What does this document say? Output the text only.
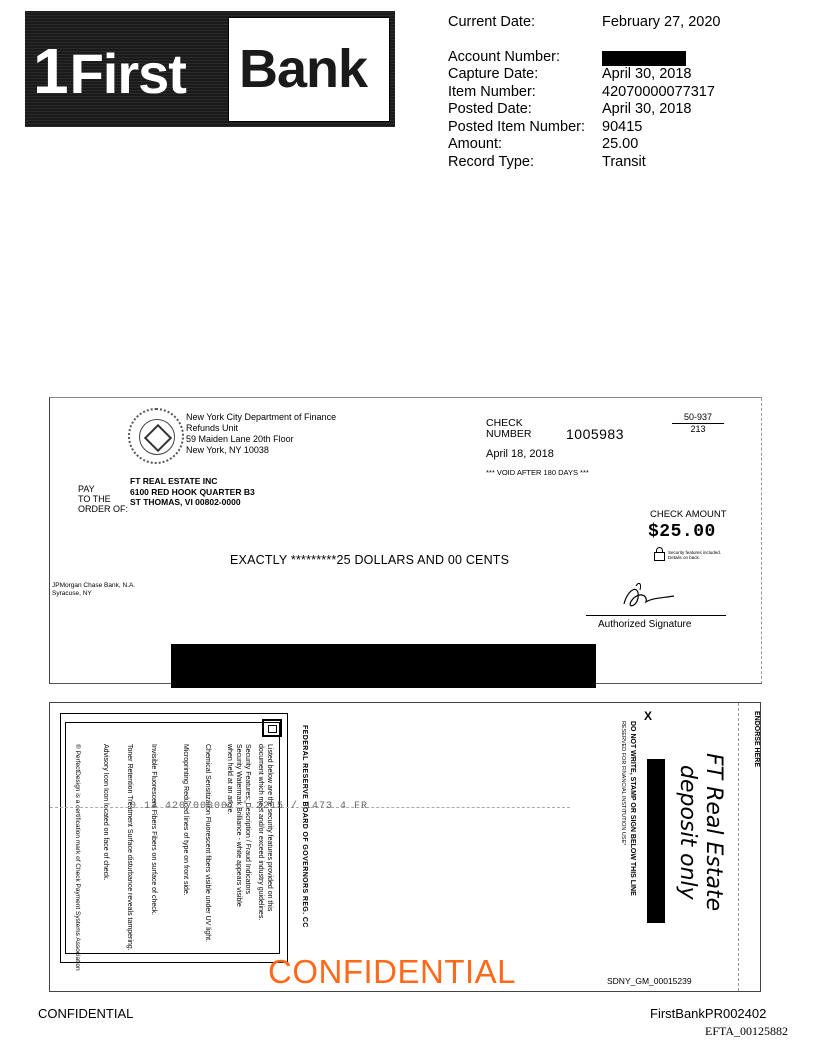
1First Bank
Current Date:	February 27, 2020
Account Number:
Capture Date:	April 30, 2018
Item Number:	42070000077317
Posted Date:	April 30, 2018
Posted Item Number: 90415
Amount:	25.00
Record Type:	Transit
New York City Department of Finance
Refunds Unit
59 Maiden Lane 20th Floor
New York, NY 10038
CHECK
NUMBER 1005983
April 18, 2018
*** VOID AFTER 180 DAYS ***
50-937
213
PAY
TO THE
ORDER OF:
FT REAL ESTATE INC
6100 RED HOOK QUARTER B3
ST THOMAS, VI 00802-0000
CHECK AMOUNT
$25.00
Security features included. Details on back.
EXACTLY *********25 DOLLARS AND 00 CENTS
JPMorgan Chase Bank, N.A.
Syracuse, NY
Authorized Signature
Listed below are the security features provided on this
document which meet and/or exceed industry guidelines.
Security Features: Description / Fraud Indicators
Security Watermark Brilliance - white appears visible
when held at an angle.
Chemical Sensitization Fluorescent fibers visible under UV light.
Microprinting Reduced lines of type on front side.
Invisible Fluorescent Fibers Fibers on surface of check.
Toner Retention Treatment Surface disturbance reveals tampering.
Advisory Icon Icon located on face of check.
® PerfectDesign is a certification mark of Check Payment Systems Association	0 13 4207000007 ' 2215 / 1473 4 FR
FEDERAL RESERVE BOARD OF GOVERNORS REG. CC	DO NOT WRITE, STAMP OR SIGN BELOW THIS LINE
RESERVED FOR FINANCIAL INSTITUTION USE*
X
FT Real Estate
deposit only
ENDORSE HERE
CONFIDENTIAL	SDNY_GM_00015239
CONFIDENTIAL	FirstBankPR002402
EFTA_00125882
